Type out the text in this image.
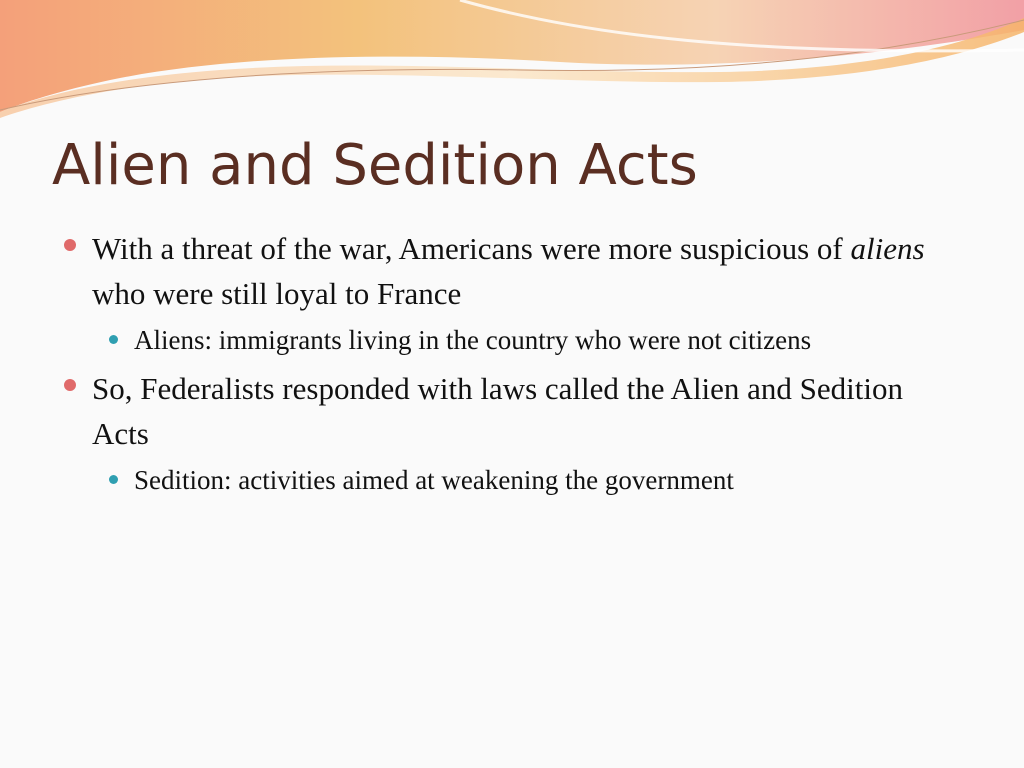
Alien and Sedition Acts

With a threat of the war, Americans were more suspicious of aliens who were still loyal to France

Aliens: immigrants living in the country who were not citizens

So, Federalists responded with laws called the Alien and Sedition Acts

Sedition: activities aimed at weakening the government
